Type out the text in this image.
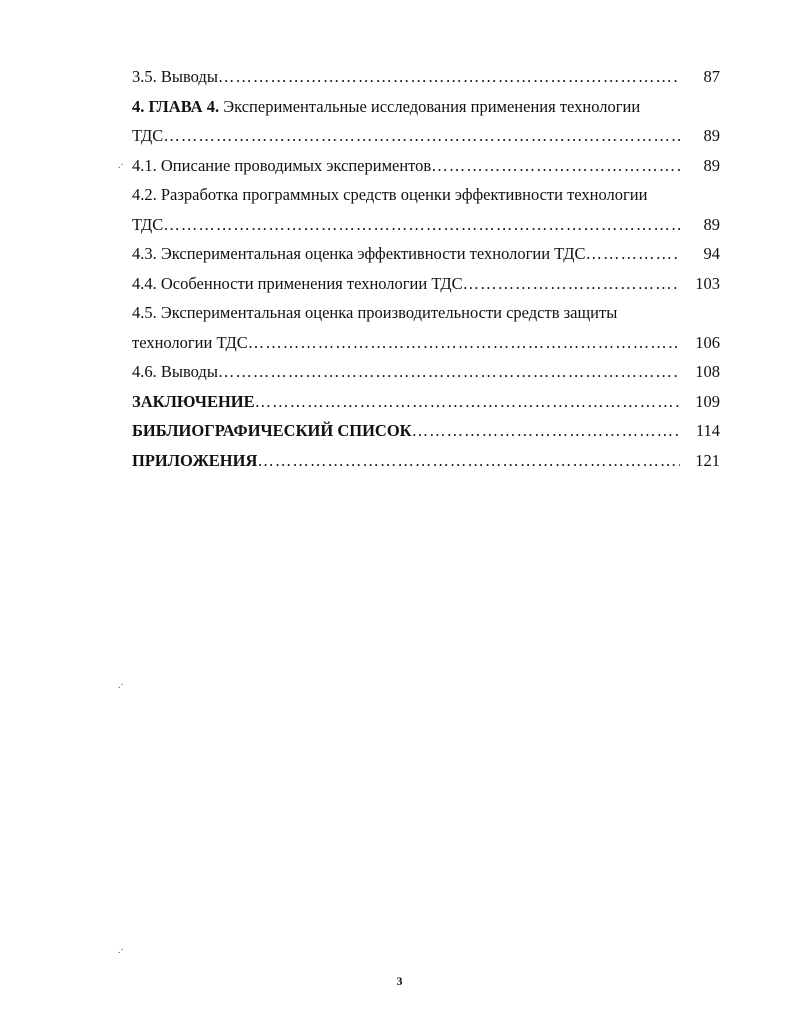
3.5. Выводы …………………………………………………………………………………………………………………………………………………………………………………………	87
4.
ГЛАВА 4.
Экспериментальные исследования применения технологии
ТДС …………………………………………………………………………………………………………………………………………………………………………………………	89
4.1. Описание проводимых экспериментов …………………………………………………………………………………………………………………………………………………………………………………………	89
4.2. Разработка программных средств оценки эффективности технологии
ТДС …………………………………………………………………………………………………………………………………………………………………………………………	89
4.3. Экспериментальная оценка эффективности технологии ТДС …………………………………………………………………………………………………………………………………………………………………………………………	94
4.4. Особенности применения технологии ТДС …………………………………………………………………………………………………………………………………………………………………………………………	103
4.5. Экспериментальная оценка производительности средств защиты
технологии ТДС …………………………………………………………………………………………………………………………………………………………………………………………	106
4.6. Выводы …………………………………………………………………………………………………………………………………………………………………………………………	108
ЗАКЛЮЧЕНИЕ …………………………………………………………………………………………………………………………………………………………………………………………	109
БИБЛИОГРАФИЧЕСКИЙ СПИСОК …………………………………………………………………………………………………………………………………………………………………………………………	114
ПРИЛОЖЕНИЯ …………………………………………………………………………………………………………………………………………………………………………………………	121
.·
.·
.·
3
